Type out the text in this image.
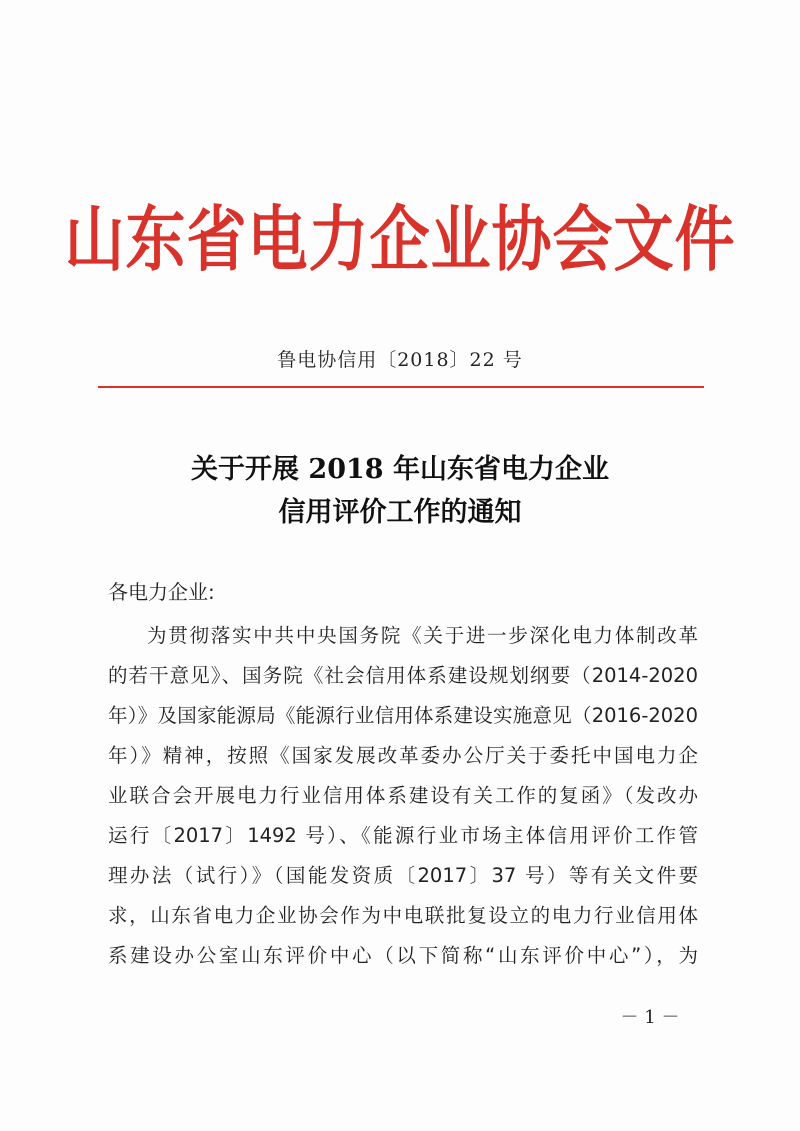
山东省电力企业协会文件
鲁电协信用〔2018〕22 号
关于开展 2018 年山东省电力企业
信用评价工作的通知
各电力企业:
为贯彻落实中共中央国务院《关于进一步深化电力体制改革
的若干意见》、国务院《社会信用体系建设规划纲要（2014-2020
年）》及国家能源局《能源行业信用体系建设实施意见（2016-2020
年）》精神，按照《国家发展改革委办公厅关于委托中国电力企
业联合会开展电力行业信用体系建设有关工作的复函》（发改办
运行〔2017〕1492 号）、《能源行业市场主体信用评价工作管
理办法（试行）》（国能发资质〔2017〕37 号）等有关文件要
求，山东省电力企业协会作为中电联批复设立的电力行业信用体
系建设办公室山东评价中心（以下简称“山东评价中心”），为
－ 1 －
